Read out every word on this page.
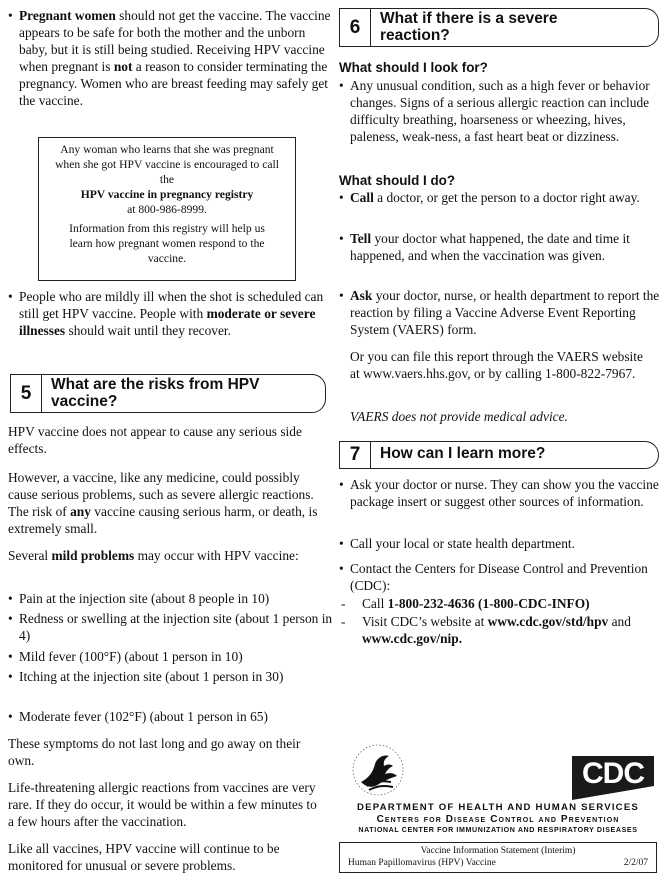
• Pregnant women should not get the vaccine. The vaccine appears to be safe for both the mother and the unborn baby, but it is still being studied. Receiving HPV vaccine when pregnant is not a reason to consider terminating the pregnancy. Women who are breast feeding may safely get the vaccine.

Any woman who learns that she was pregnant when she got HPV vaccine is encouraged to call the

HPV vaccine in pregnancy registry

at 800-986-8999.

Information from this registry will help us learn how pregnant women respond to the vaccine.

• People who are mildly ill when the shot is scheduled can still get HPV vaccine. People with moderate or severe illnesses should wait until they recover.
5	What are the risks from HPV vaccine?

HPV vaccine does not appear to cause any serious side effects.

However, a vaccine, like any medicine, could possibly cause serious problems, such as severe allergic reactions. The risk of any vaccine causing serious harm, or death, is extremely small.

Several mild problems may occur with HPV vaccine:

• Pain at the injection site (about 8 people in 10)
• Redness or swelling at the injection site (about 1 person in 4)
• Mild fever (100°F) (about 1 person in 10)
• Itching at the injection site (about 1 person in 30)
• Moderate fever (102°F) (about 1 person in 65)

These symptoms do not last long and go away on their own.

Life-threatening allergic reactions from vaccines are very rare. If they do occur, it would be within a few minutes to a few hours after the vaccination.

Like all vaccines, HPV vaccine will continue to be monitored for unusual or severe problems.

6	What if there is a severe reaction?
What should I look for?
• Any unusual condition, such as a high fever or behavior changes. Signs of a serious allergic reaction can include difficulty breathing, hoarseness or wheezing, hives, paleness, weak-ness, a fast heart beat or dizziness.
What should I do?
• Call a doctor, or get the person to a doctor right away.
• Tell your doctor what happened, the date and time it happened, and when the vaccination was given.
• Ask your doctor, nurse, or health department to report the reaction by filing a Vaccine Adverse Event Reporting System (VAERS) form.

Or you can file this report through the VAERS website at www.vaers.hhs.gov, or by calling 1-800-822-7967.

VAERS does not provide medical advice.

7	How can I learn more?
• Ask your doctor or nurse. They can show you the vaccine package insert or suggest other sources of information.
• Call your local or state health department.
• Contact the Centers for Disease Control and Prevention (CDC):
- Call 1-800-232-4636 (1-800-CDC-INFO)
- Visit CDC’s website at www.cdc.gov/std/hpv and www.cdc.gov/nip.
CDC
DEPARTMENT OF HEALTH AND HUMAN SERVICES
Centers for Disease Control and Prevention
NATIONAL CENTER FOR IMMUNIZATION AND RESPIRATORY DISEASES
Vaccine Information Statement (Interim)
Human Papillomavirus (HPV) Vaccine	2/2/07
